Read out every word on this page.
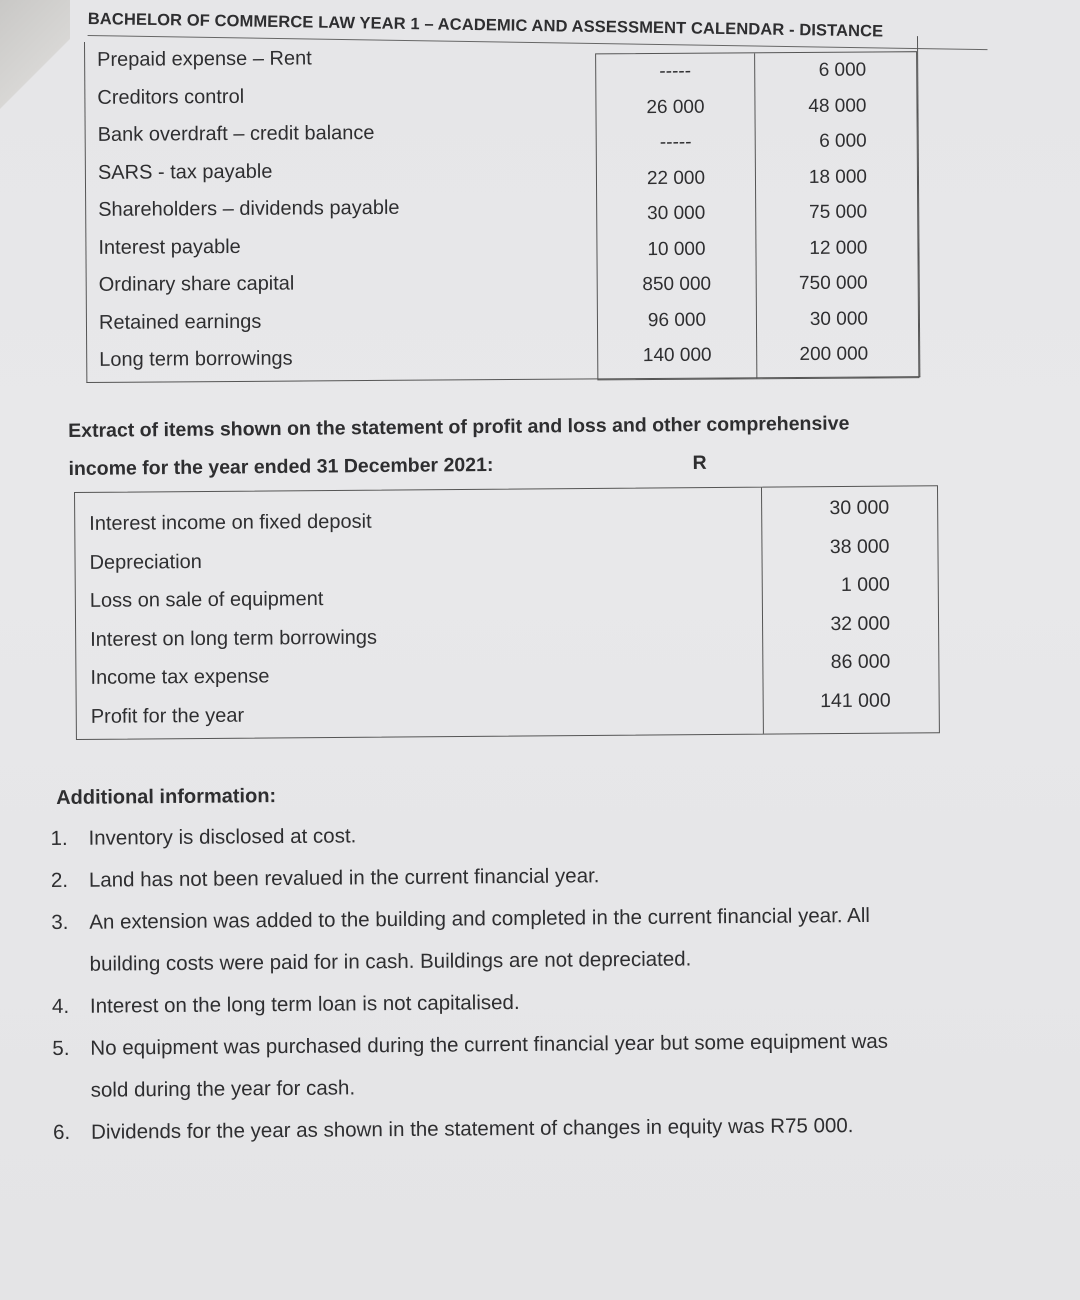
BACHELOR OF COMMERCE LAW YEAR 1 – ACADEMIC AND ASSESSMENT CALENDAR - DISTANCE
Prepaid expense – Rent
Creditors control
Bank overdraft – credit balance
SARS - tax payable
Shareholders – dividends payable
Interest payable
Ordinary share capital
Retained earnings
Long term borrowings
-----
26 000
-----
22 000
30 000
10 000
850 000
96 000
140 000
6 000
48 000
6 000
18 000
75 000
12 000
750 000
30 000
200 000
Extract of items shown on the statement of profit and loss and other comprehensive
income for the year ended 31 December 2021:	R
Interest income on fixed deposit
Depreciation
Loss on sale of equipment
Interest on long term borrowings
Income tax expense
Profit for the year
30 000
38 000
1 000
32 000
86 000
141 000
Additional information:
1. Inventory is disclosed at cost.
2. Land has not been revalued in the current financial year.
3. An extension was added to the building and completed in the current financial year. All
building costs were paid for in cash. Buildings are not depreciated.
4. Interest on the long term loan is not capitalised.
5. No equipment was purchased during the current financial year but some equipment was
sold during the year for cash.
6. Dividends for the year as shown in the statement of changes in equity was R75 000.
